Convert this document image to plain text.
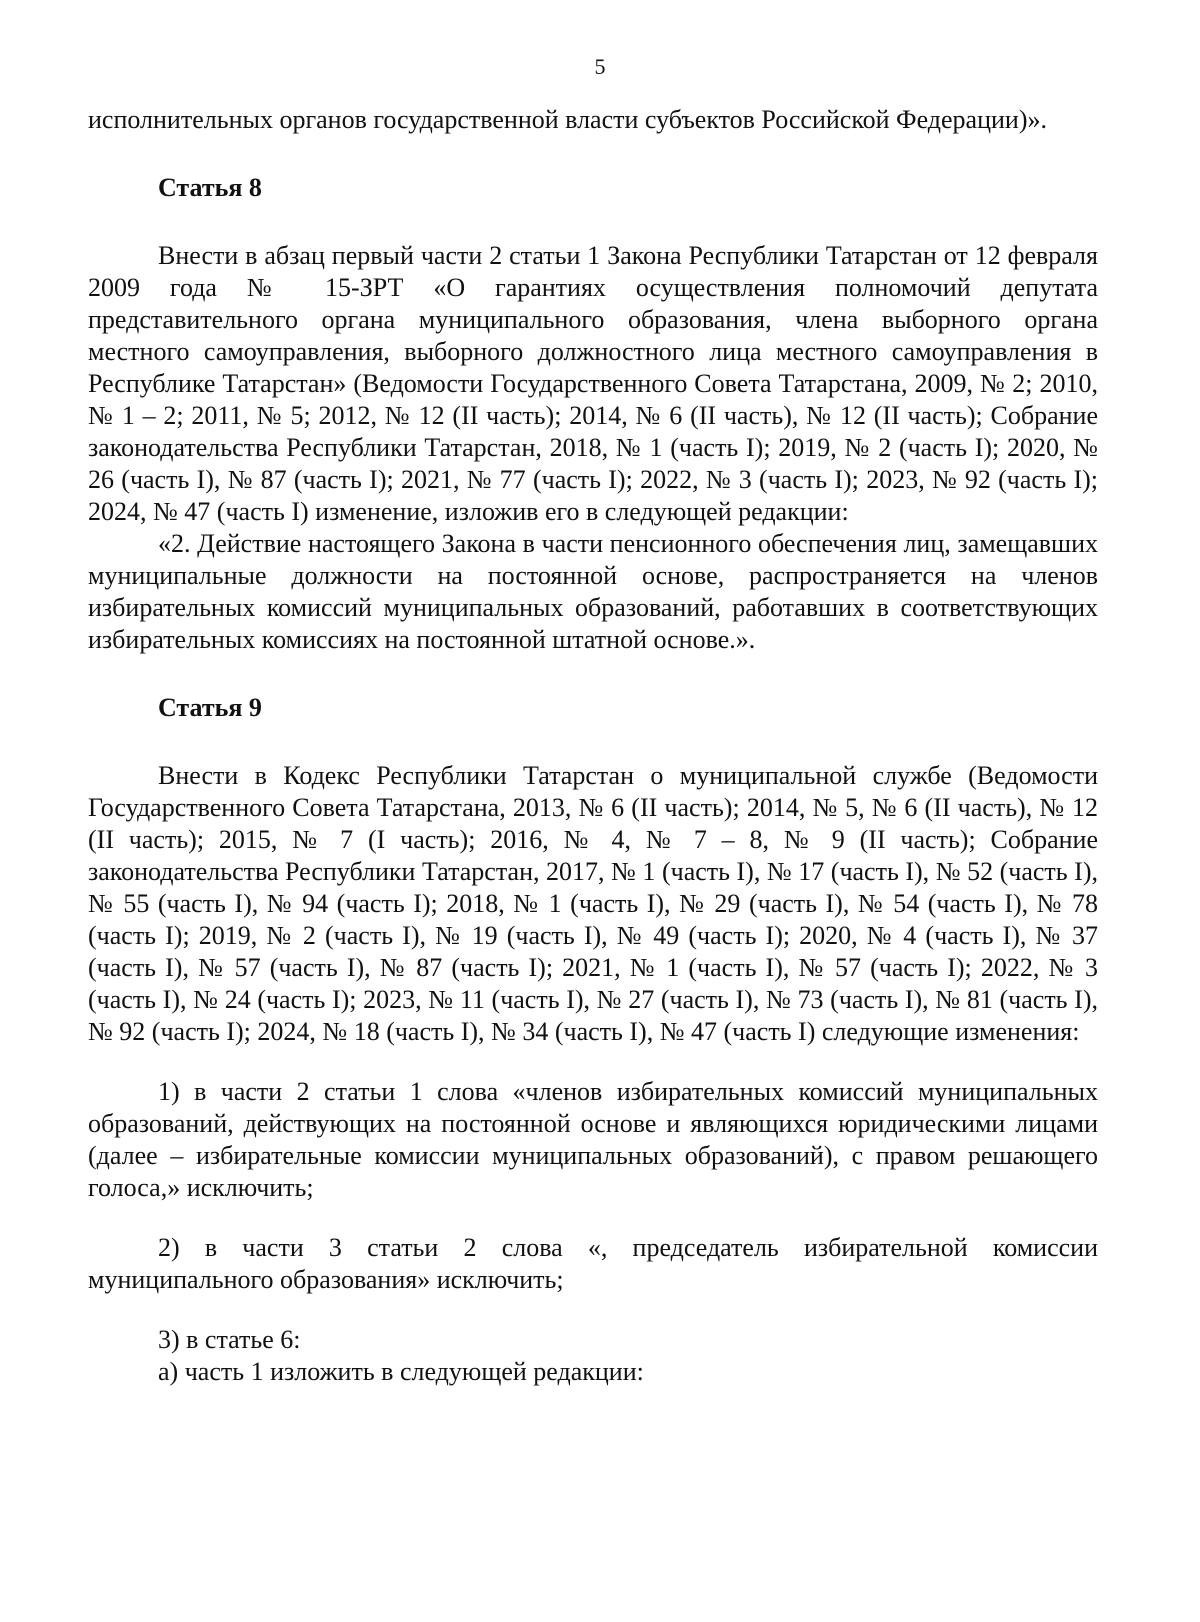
5

исполнительных органов государственной власти субъектов Российской Федерации)».

Статья 8

Внести в абзац первый части 2 статьи 1 Закона Республики Татарстан от 12 февраля 2009 года № 15-ЗРТ «О гарантиях осуществления полномочий депутата представительного органа муниципального образования, члена выборного органа местного самоуправления, выборного должностного лица местного самоуправления в Республике Татарстан» (Ведомости Государственного Совета Татарстана, 2009, № 2; 2010, № 1 – 2; 2011, № 5; 2012, № 12 (II часть); 2014, № 6 (II часть), № 12 (II часть); Собрание законодательства Республики Татарстан, 2018, № 1 (часть I); 2019, № 2 (часть I); 2020, № 26 (часть I), № 87 (часть I); 2021, № 77 (часть I); 2022, № 3 (часть I); 2023, № 92 (часть I); 2024, № 47 (часть I) изменение, изложив его в следующей редакции:

«2. Действие настоящего Закона в части пенсионного обеспечения лиц, замещавших муниципальные должности на постоянной основе, распространяется на членов избирательных комиссий муниципальных образований, работавших в соответствующих избирательных комиссиях на постоянной штатной основе.».

Статья 9

Внести в Кодекс Республики Татарстан о муниципальной службе (Ведомости Государственного Совета Татарстана, 2013, № 6 (II часть); 2014, № 5, № 6 (II часть), № 12 (II часть); 2015, № 7 (I часть); 2016, № 4, № 7 – 8, № 9 (II часть); Собрание законодательства Республики Татарстан, 2017, № 1 (часть I), № 17 (часть I), № 52 (часть I), № 55 (часть I), № 94 (часть I); 2018, № 1 (часть I), № 29 (часть I), № 54 (часть I), № 78 (часть I); 2019, № 2 (часть I), № 19 (часть I), № 49 (часть I); 2020, № 4 (часть I), № 37 (часть I), № 57 (часть I), № 87 (часть I); 2021, № 1 (часть I), № 57 (часть I); 2022, № 3 (часть I), № 24 (часть I); 2023, № 11 (часть I), № 27 (часть I), № 73 (часть I), № 81 (часть I), № 92 (часть I); 2024, № 18 (часть I), № 34 (часть I), № 47 (часть I) следующие изменения:

1) в части 2 статьи 1 слова «членов избирательных комиссий муниципальных образований, действующих на постоянной основе и являющихся юридическими лицами (далее – избирательные комиссии муниципальных образований), с правом решающего голоса,» исключить;

2) в части 3 статьи 2 слова «, председатель избирательной комиссии муниципального образования» исключить;

3) в статье 6:

а) часть 1 изложить в следующей редакции:
